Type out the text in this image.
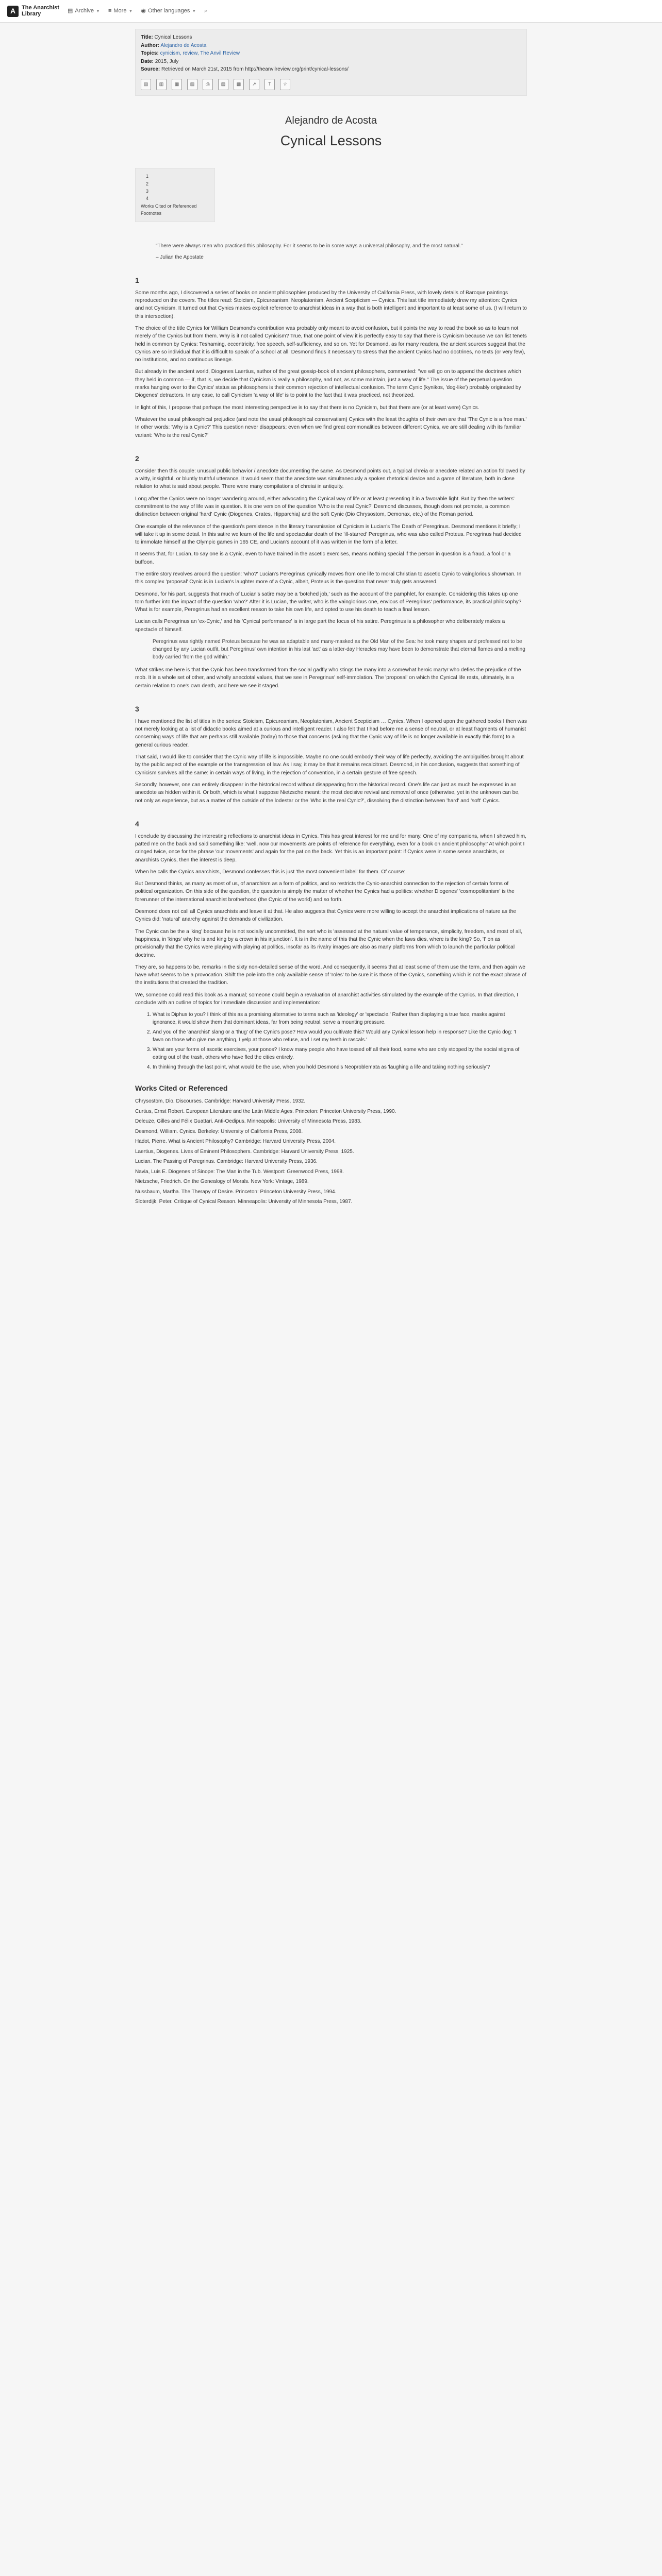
A	The Anarchist
Library	▤ Archive ▼ ≡ More ▼ ◉ Other languages ▼ ⌕
Title: Cynical Lessons
Author: Alejandro de Acosta
Topics: cynicism, review, The Anvil Review
Date: 2015, July
Source: Retrieved on March 21st, 2015 from http://theanvilreview.org/print/cynical-lessons/
▤	▥	▦	▧	⎙	▨	▩	↗	T	☆
Alejandro de Acosta
Cynical Lessons
1
2
3
4
Works Cited or Referenced
Footnotes

"There were always men who practiced this philosophy. For it seems to be in some ways a universal philosophy, and the most natural."

– Julian the Apostate

1

Some months ago, I discovered a series of books on ancient philosophies produced by the University of California Press, with lovely details of Baroque paintings reproduced on the covers. The titles read: Stoicism, Epicureanism, Neoplatonism, Ancient Scepticism — Cynics. This last title immediately drew my attention: Cynics and not Cynicism. It turned out that Cynics makes explicit reference to anarchist ideas in a way that is both intelligent and important to at least some of us. (I will return to this intersection).

The choice of the title Cynics for William Desmond's contribution was probably only meant to avoid confusion, but it points the way to read the book so as to learn not merely of the Cynics but from them. Why is it not called Cynicism? True, that one point of view it is perfectly easy to say that there is Cynicism because we can list tenets held in common by Cynics: Teshaming, eccentricity, free speech, self-sufficiency, and so on. Yet for Desmond, as for many readers, the ancient sources suggest that the Cynics are so individual that it is difficult to speak of a school at all. Desmond finds it necessary to stress that the ancient Cynics had no doctrines, no texts (or very few), no institutions, and no continuous lineage.

But already in the ancient world, Diogenes Laertius, author of the great gossip-book of ancient philosophers, commented: "we will go on to append the doctrines which they held in common — if, that is, we decide that Cynicism is really a philosophy, and not, as some maintain, just a way of life." The issue of the perpetual question marks hanging over to the Cynics' status as philosophers is their common rejection of intellectual confusion. The term Cynic (kynikos, 'dog-like') probably originated by Diogenes' detractors. In any case, to call Cynicism 'a way of life' is to point to the fact that it was practiced, not theorized.

In light of this, I propose that perhaps the most interesting perspective is to say that there is no Cynicism, but that there are (or at least were) Cynics.

Whatever the usual philosophical prejudice (and note the usual philosophical conservatism) Cynics with the least thoughts of their own are that 'The Cynic is a free man.' In other words: 'Why is a Cynic?' This question never disappears; even when we find great commonalities between different Cynics, we are still dealing with its familiar variant: 'Who is the real Cynic?'

2

Consider then this couple: unusual public behavior / anecdote documenting the same. As Desmond points out, a typical chreia or anecdote related an action followed by a witty, insightful, or bluntly truthful utterance. It would seem that the anecdote was simultaneously a spoken rhetorical device and a game of literature, both in close relation to what is said about people. There were many compilations of chreiai in antiquity.

Long after the Cynics were no longer wandering around, either advocating the Cynical way of life or at least presenting it in a favorable light. But by then the writers' commitment to the way of life was in question. It is one version of the question 'Who is the real Cynic?' Desmond discusses, though does not promote, a common distinction between original 'hard' Cynic (Diogenes, Crates, Hipparchia) and the soft Cynic (Dio Chrysostom, Demonax, etc.) of the Roman period.

One example of the relevance of the question's persistence in the literary transmission of Cynicism is Lucian's The Death of Peregrinus. Desmond mentions it briefly; I will take it up in some detail. In this satire we learn of the life and spectacular death of the 'ill-starred' Peregrinus, who was also called Proteus. Peregrinus had decided to immolate himself at the Olympic games in 165 CE, and Lucian's account of it was written in the form of a letter.

It seems that, for Lucian, to say one is a Cynic, even to have trained in the ascetic exercises, means nothing special if the person in question is a fraud, a fool or a buffoon.

The entire story revolves around the question: 'who?' Lucian's Peregrinus cynically moves from one life to moral Christian to ascetic Cynic to vainglorious showman. In this complex 'proposal' Cynic is in Lucian's laughter more of a Cynic, albeit, Proteus is the question that never truly gets answered.

Desmond, for his part, suggests that much of Lucian's satire may be a 'botched job,' such as the account of the pamphlet, for example. Considering this takes up one tom further into the impact of the question 'who?' After it is Lucian, the writer, who is the vainglorious one, envious of Peregrinus' performance, its practical philosophy? What is for example, Peregrinus had an excellent reason to take his own life, and opted to use his death to teach a final lesson.

Lucian calls Peregrinus an 'ex-Cynic,' and his 'Cynical performance' is in large part the focus of his satire. Peregrinus is a philosopher who deliberately makes a spectacle of himself.

Peregrinus was rightly named Proteus because he was as adaptable and many-masked as the Old Man of the Sea: he took many shapes and professed not to be changed by any Lucian outfit, but Peregrinus' own intention in his last 'act' as a latter-day Heracles may have been to demonstrate that eternal flames and a melting body carried 'from the god within.'

What strikes me here is that the Cynic has been transformed from the social gadfly who stings the many into a somewhat heroic martyr who defies the prejudice of the mob. It is a whole set of other, and wholly anecdotal values, that we see in Peregrinus' self-immolation. The 'proposal' on which the Cynical life rests, ultimately, is a certain relation to one's own death, and here we see it staged.

3

I have mentioned the list of titles in the series: Stoicism, Epicureanism, Neoplatonism, Ancient Scepticism … Cynics. When I opened upon the gathered books I then was not merely looking at a list of didactic books aimed at a curious and intelligent reader. I also felt that I had before me a sense of neutral, or at least fragments of humanist concerning ways of life that are perhaps still available (today) to those that concerns (asking that the Cynic way of life is no longer available in exactly this form) to a general curious reader.

That said, I would like to consider that the Cynic way of life is impossible. Maybe no one could embody their way of life perfectly, avoiding the ambiguities brought about by the public aspect of the example or the transgression of law. As I say, it may be that it remains recalcitrant. Desmond, in his conclusion, suggests that something of Cynicism survives all the same: in certain ways of living, in the rejection of convention, in a certain gesture of free speech.

Secondly, however, one can entirely disappear in the historical record without disappearing from the historical record. One's life can just as much be expressed in an anecdote as hidden within it. Or both, which is what I suppose Nietzsche meant: the most decisive revival and removal of once (otherwise, yet in the unknown can be, not only as experience, but as a matter of the outside of the lodestar or the 'Who is the real Cynic?', dissolving the distinction between 'hard' and 'soft' Cynics.

4

I conclude by discussing the interesting reflections to anarchist ideas in Cynics. This has great interest for me and for many. One of my companions, when I showed him, patted me on the back and said something like: 'well, now our movements are points of reference for everything, even for a book on ancient philosophy!' At which point I cringed twice, once for the phrase 'our movements' and again for the pat on the back. Yet this is an important point: if Cynics were in some sense anarchists, or anarchists Cynics, then the interest is deep.

When he calls the Cynics anarchists, Desmond confesses this is just 'the most convenient label' for them. Of course:

But Desmond thinks, as many as most of us, of anarchism as a form of politics, and so restricts the Cynic-anarchist connection to the rejection of certain forms of political organization. On this side of the question, the question is simply the matter of whether the Cynics had a politics: whether Diogenes' 'cosmopolitanism' is the forerunner of the international anarchist brotherhood (the Cynic of the world) and so forth.

Desmond does not call all Cynics anarchists and leave it at that. He also suggests that Cynics were more willing to accept the anarchist implications of nature as the Cynics did: 'natural' anarchy against the demands of civilization.

The Cynic can be the a 'king' because he is not socially uncommitted, the sort who is 'assessed at the natural value of temperance, simplicity, freedom, and most of all, happiness, in 'kings' why he is and king by a crown in his injunction'. It is in the name of this that the Cynic when the laws dies, where is the king? So, 'I' on as provisionally that the Cynics were playing with playing at politics, insofar as its rivalry images are also as many platforms from which to launch the particular political doctrine.

They are, so happens to be, remarks in the sixty non-detailed sense of the word. And consequently, it seems that at least some of them use the term, and then again we have what seems to be a provocation. Shift the pole into the only available sense of 'roles' to be sure it is those of the Cynics, something which is not the exact phrase of the institutions that created the tradition.

We, someone could read this book as a manual; someone could begin a revaluation of anarchist activities stimulated by the example of the Cynics. In that direction, I conclude with an outline of topics for immediate discussion and implementation:

1. What is Diphus to you? I think of this as a promising alternative to terms such as 'ideology' or 'spectacle.' Rather than displaying a true face, masks against ignorance, it would show them that dominant ideas, far from being neutral, serve a mounting pressure.
2. And you of the 'anarchist' slang or a 'thug' of the Cynic's pose? How would you cultivate this? Would any Cynical lesson help in response? Like the Cynic dog: 'I fawn on those who give me anything, I yelp at those who refuse, and I set my teeth in rascals.'
3. What are your forms of ascetic exercises, your ponos? I know many people who have tossed off all their food, some who are only stopped by the social stigma of eating out of the trash, others who have fled the cities entirely.
4. In thinking through the last point, what would be the use, when you hold Desmond's Neoproblemata as 'laughing a life and taking nothing seriously'?
Works Cited or Referenced

Chrysostom, Dio. Discourses. Cambridge: Harvard University Press, 1932.

Curtius, Ernst Robert. European Literature and the Latin Middle Ages. Princeton: Princeton University Press, 1990.

Deleuze, Gilles and Félix Guattari. Anti-Oedipus. Minneapolis: University of Minnesota Press, 1983.

Desmond, William. Cynics. Berkeley: University of California Press, 2008.

Hadot, Pierre. What is Ancient Philosophy? Cambridge: Harvard University Press, 2004.

Laertius, Diogenes. Lives of Eminent Philosophers. Cambridge: Harvard University Press, 1925.

Lucian. The Passing of Peregrinus. Cambridge: Harvard University Press, 1936.

Navia, Luis E. Diogenes of Sinope: The Man in the Tub. Westport: Greenwood Press, 1998.

Nietzsche, Friedrich. On the Genealogy of Morals. New York: Vintage, 1989.

Nussbaum, Martha. The Therapy of Desire. Princeton: Princeton University Press, 1994.

Sloterdijk, Peter. Critique of Cynical Reason. Minneapolis: University of Minnesota Press, 1987.
